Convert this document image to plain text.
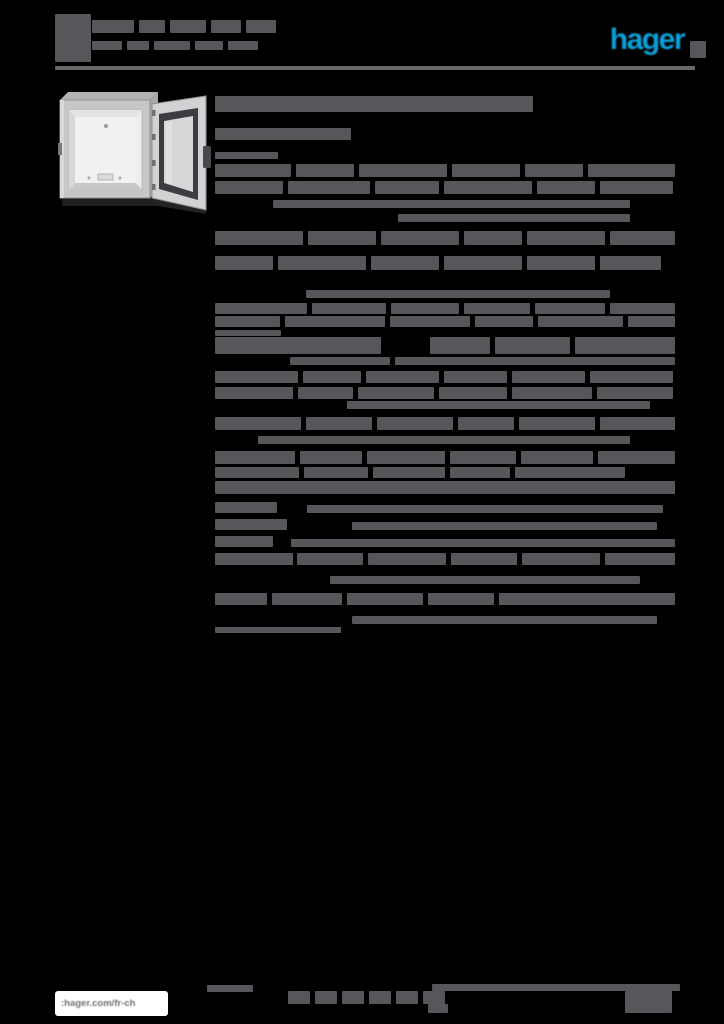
hager
:hager.com/fr-ch
